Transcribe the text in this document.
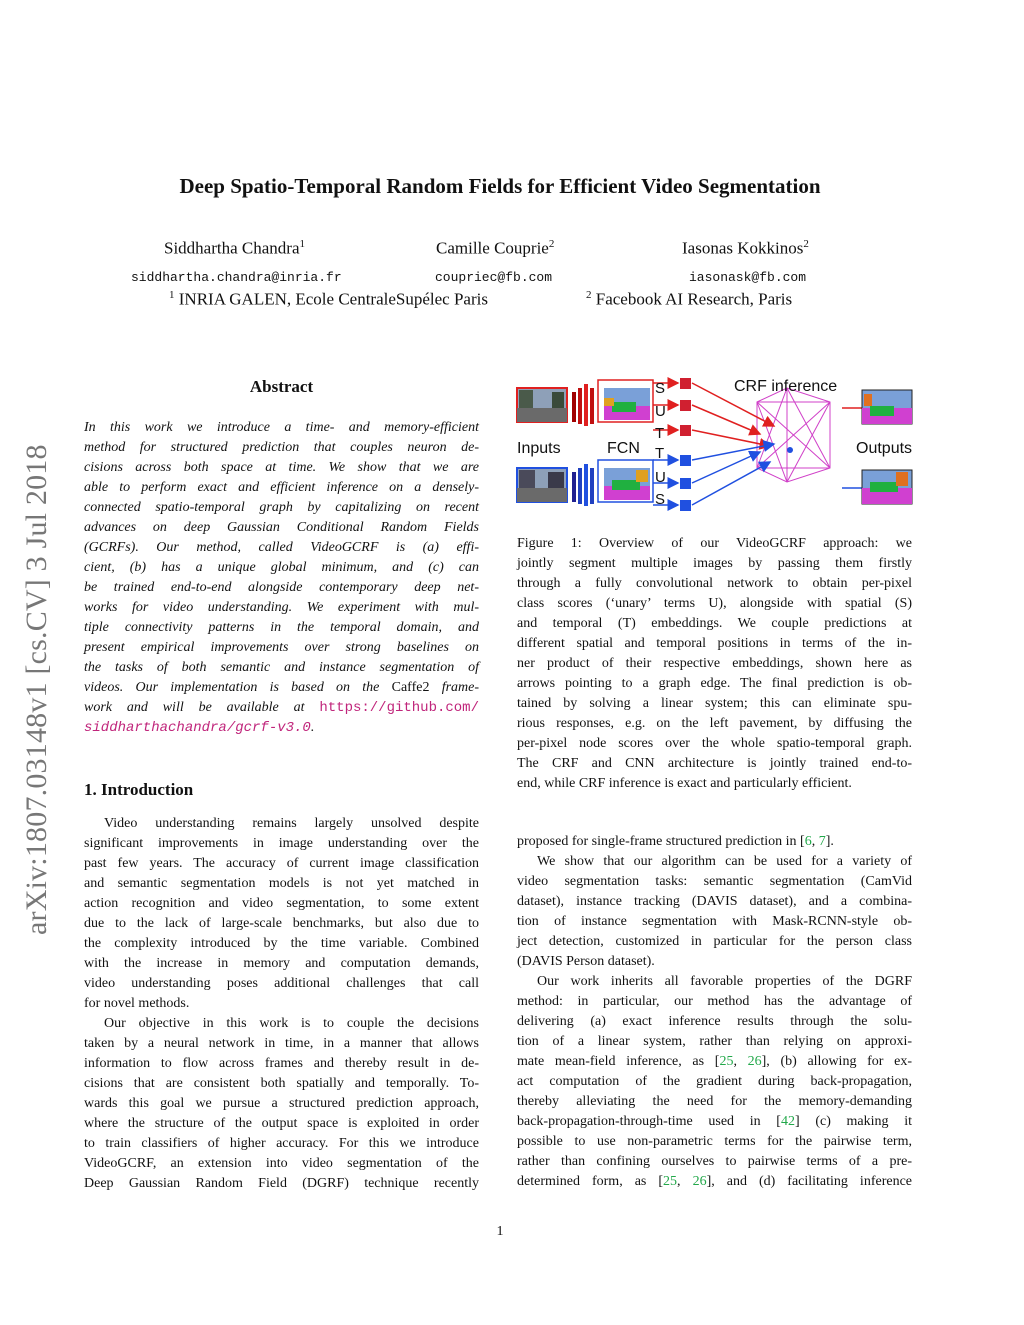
Deep Spatio-Temporal Random Fields for Efficient Video Segmentation
Siddhartha Chandra$^1$	Camille Couprie$^2$	Iasonas Kokkinos$^2$
siddhartha.chandra@inria.fr	coupriec@fb.com	iasonask@fb.com
$^1$ INRIA GALEN, Ecole CentraleSupélec Paris	$^2$ Facebook AI Research, Paris
arXiv:1807.03148v1 [cs.CV] 3 Jul 2018
Abstract
In this work we introduce a time- and memory-efficient
method for structured prediction that couples neuron de-
cisions across both space at time. We show that we are
able to perform exact and efficient inference on a densely-
connected spatio-temporal graph by capitalizing on recent
advances on deep Gaussian Conditional Random Fields
(GCRFs). Our method, called VideoGCRF is (a) effi-
cient, (b) has a unique global minimum, and (c) can
be trained end-to-end alongside contemporary deep net-
works for video understanding. We experiment with mul-
tiple connectivity patterns in the temporal domain, and
present empirical improvements over strong baselines on
the tasks of both semantic and instance segmentation of
videos. Our implementation is based on the Caffe2 frame-
work and will be available at https://github.com/
siddharthachandra/gcrf-v3.0.
1. Introduction
Video understanding remains largely unsolved despite
significant improvements in image understanding over the
past few years. The accuracy of current image classification
and semantic segmentation models is not yet matched in
action recognition and video segmentation, to some extent
due to the lack of large-scale benchmarks, but also due to
the complexity introduced by the time variable. Combined
with the increase in memory and computation demands,
video understanding poses additional challenges that call
for novel methods.
Our objective in this work is to couple the decisions
taken by a neural network in time, in a manner that allows
information to flow across frames and thereby result in de-
cisions that are consistent both spatially and temporally. To-
wards this goal we pursue a structured prediction approach,
where the structure of the output space is exploited in order
to train classifiers of higher accuracy. For this we introduce
VideoGCRF, an extension into video segmentation of the
Deep Gaussian Random Field (DGRF) technique recently
Inputs	FCN
CRF inference
Outputs
S
U
T
T
U
S
Figure 1: Overview of our VideoGCRF approach: we
jointly segment multiple images by passing them firstly
through a fully convolutional network to obtain per-pixel
class scores (‘unary’ terms U), alongside with spatial (S)
and temporal (T) embeddings. We couple predictions at
different spatial and temporal positions in terms of the in-
ner product of their respective embeddings, shown here as
arrows pointing to a graph edge. The final prediction is ob-
tained by solving a linear system; this can eliminate spu-
rious responses, e.g. on the left pavement, by diffusing the
per-pixel node scores over the whole spatio-temporal graph.
The CRF and CNN architecture is jointly trained end-to-
end, while CRF inference is exact and particularly efficient.
proposed for single-frame structured prediction in [6, 7].
We show that our algorithm can be used for a variety of
video segmentation tasks: semantic segmentation (CamVid
dataset), instance tracking (DAVIS dataset), and a combina-
tion of instance segmentation with Mask-RCNN-style ob-
ject detection, customized in particular for the person class
(DAVIS Person dataset).
Our work inherits all favorable properties of the DGRF
method: in particular, our method has the advantage of
delivering (a) exact inference results through the solu-
tion of a linear system, rather than relying on approxi-
mate mean-field inference, as [25, 26], (b) allowing for ex-
act computation of the gradient during back-propagation,
thereby alleviating the need for the memory-demanding
back-propagation-through-time used in [42] (c) making it
possible to use non-parametric terms for the pairwise term,
rather than confining ourselves to pairwise terms of a pre-
determined form, as [25, 26], and (d) facilitating inference
1
